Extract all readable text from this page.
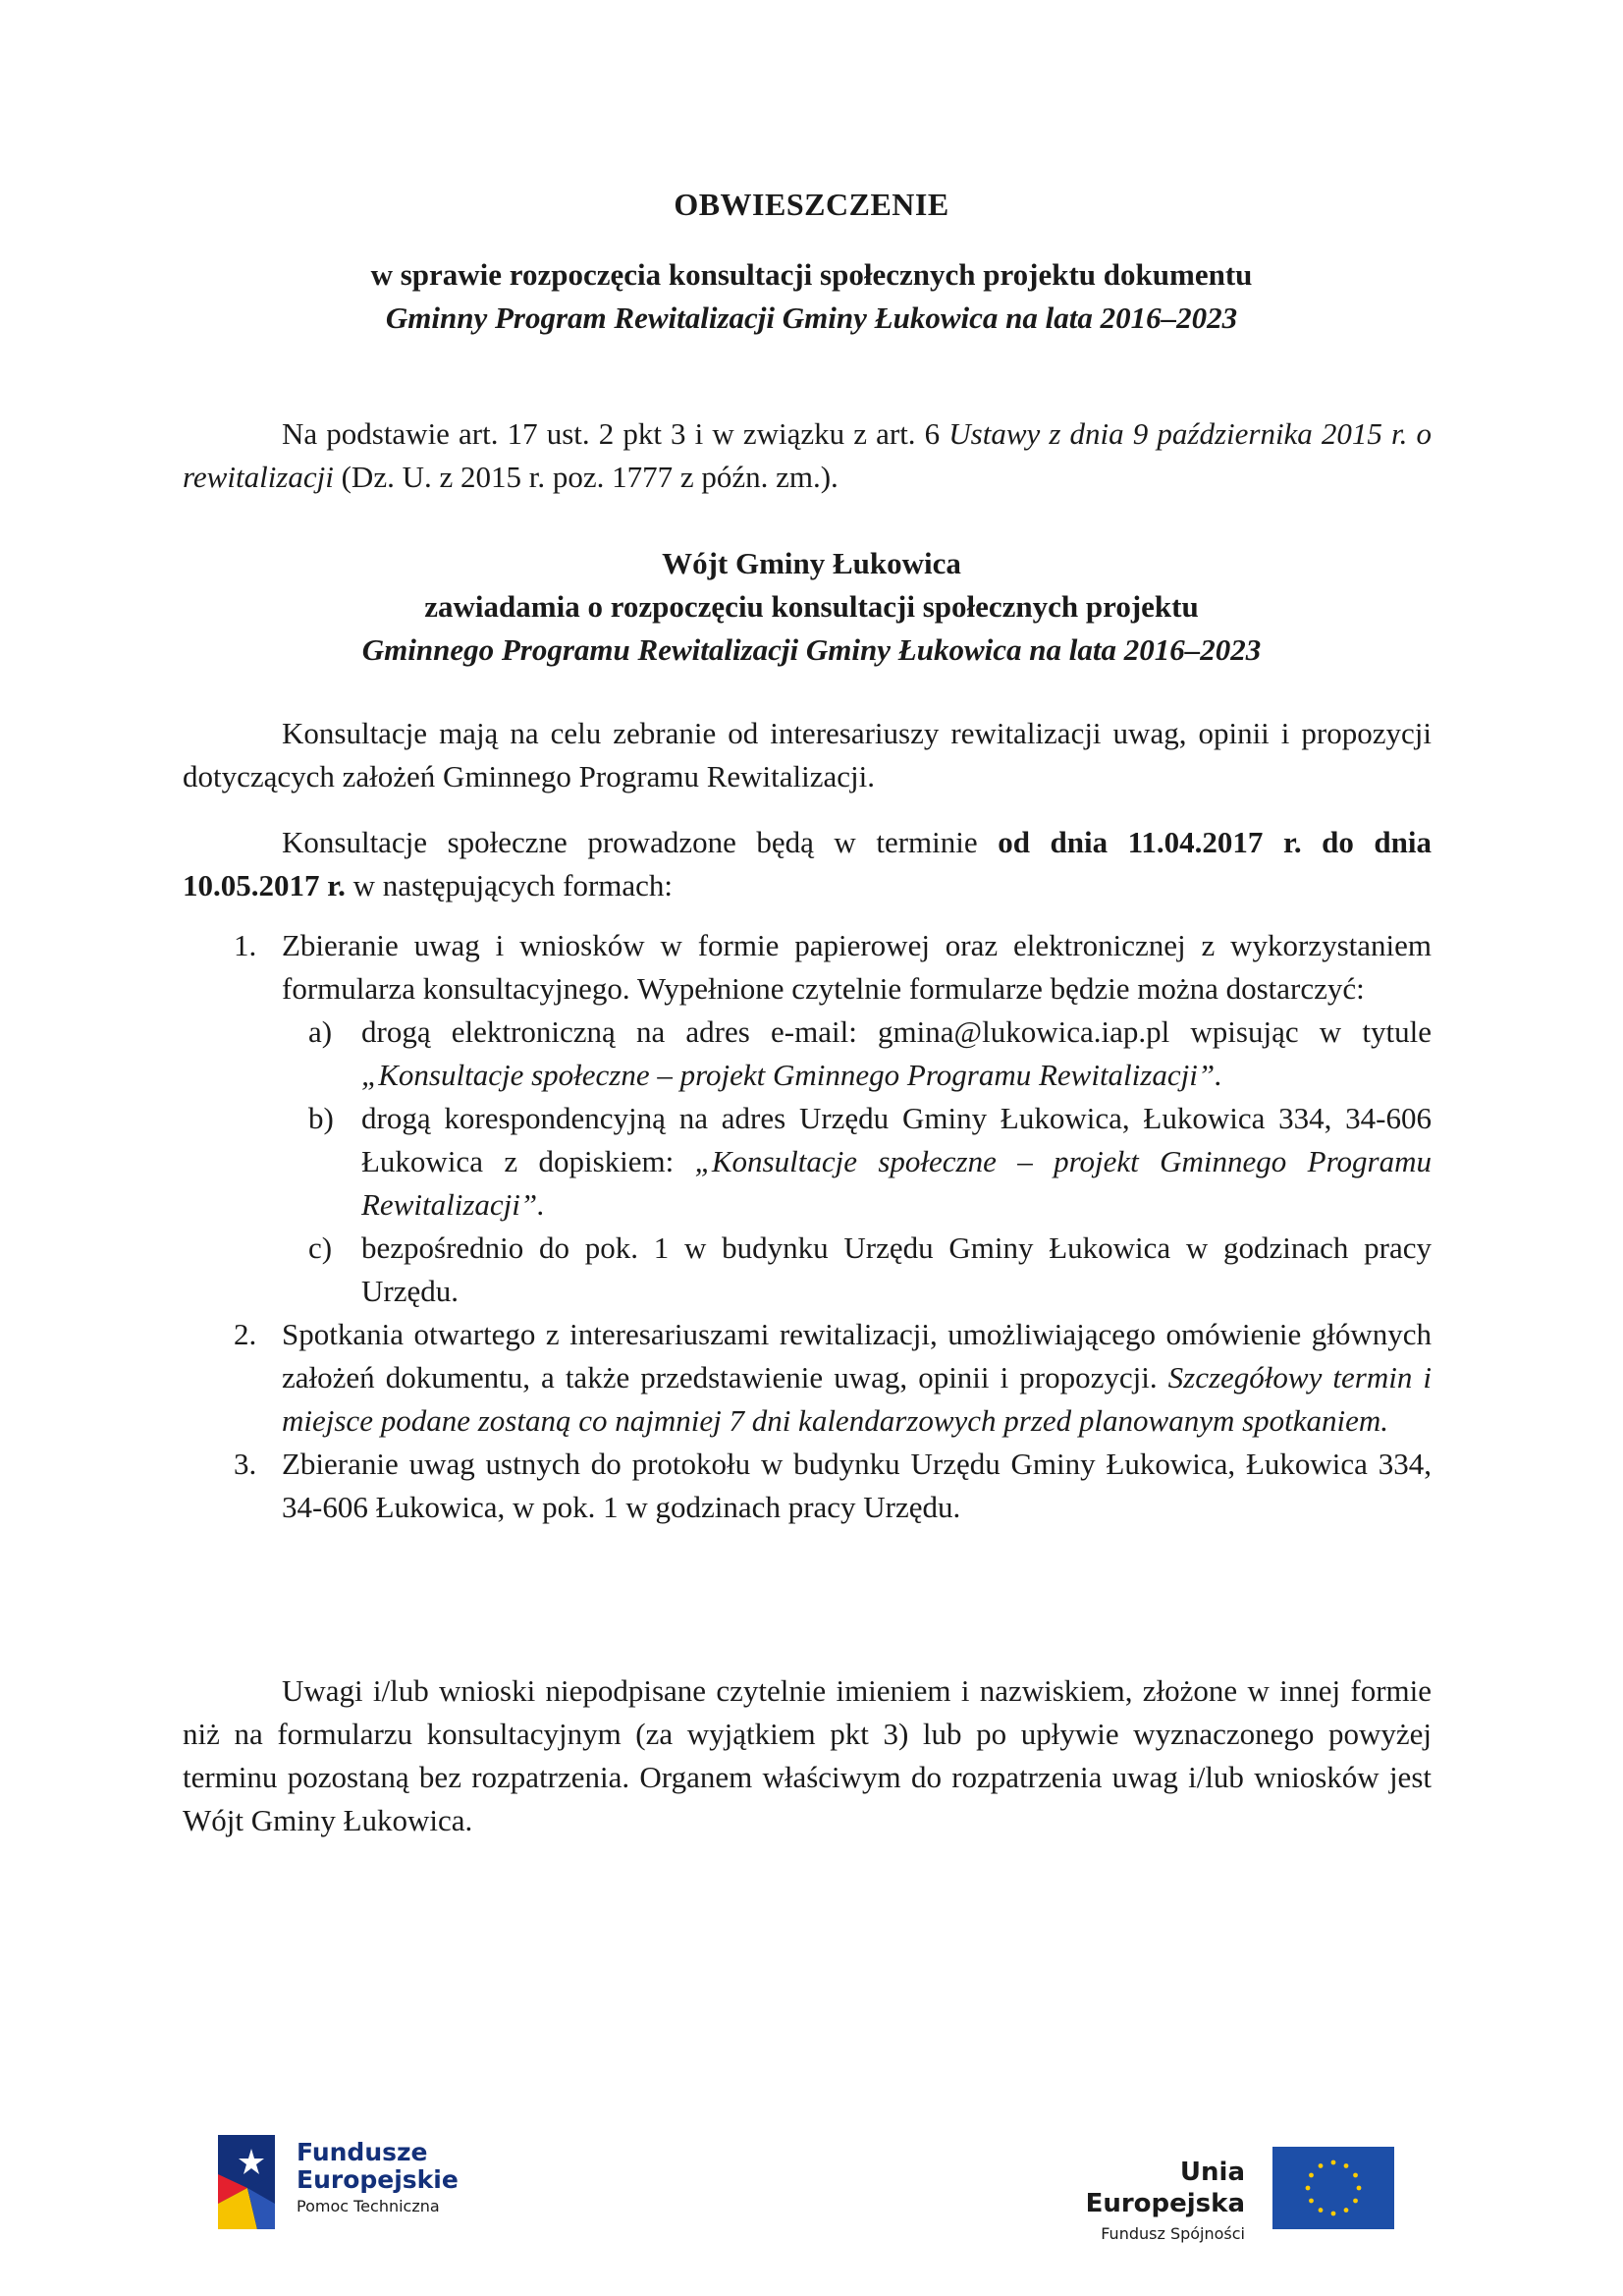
OBWIESZCZENIE
w sprawie rozpoczęcia konsultacji społecznych projektu dokumentu
Gminny Program Rewitalizacji Gminy Łukowica na lata 2016–2023
Na podstawie art. 17 ust. 2 pkt 3 i w związku z art. 6 Ustawy z dnia 9 października 2015 r. o rewitalizacji (Dz. U. z 2015 r. poz. 1777 z późn. zm.).
Wójt Gminy Łukowica
zawiadamia o rozpoczęciu konsultacji społecznych projektu
Gminnego Programu Rewitalizacji Gminy Łukowica na lata 2016–2023
Konsultacje mają na celu zebranie od interesariuszy rewitalizacji uwag, opinii i propozycji dotyczących założeń Gminnego Programu Rewitalizacji.
Konsultacje społeczne prowadzone będą w terminie od dnia 11.04.2017 r. do dnia 10.05.2017 r. w następujących formach:
1. Zbieranie uwag i wniosków w formie papierowej oraz elektronicznej z wykorzystaniem formularza konsultacyjnego. Wypełnione czytelnie formularze będzie można dostarczyć:
a) drogą elektroniczną na adres e-mail: gmina@lukowica.iap.pl wpisując w tytule „Konsultacje społeczne – projekt Gminnego Programu Rewitalizacji”.
b) drogą korespondencyjną na adres Urzędu Gminy Łukowica, Łukowica 334, 34-606 Łukowica z dopiskiem: „Konsultacje społeczne – projekt Gminnego Programu Rewitalizacji”.
c) bezpośrednio do pok. 1 w budynku Urzędu Gminy Łukowica w godzinach pracy Urzędu.
2. Spotkania otwartego z interesariuszami rewitalizacji, umożliwiającego omówienie głównych założeń dokumentu, a także przedstawienie uwag, opinii i propozycji. Szczegółowy termin i miejsce podane zostaną co najmniej 7 dni kalendarzowych przed planowanym spotkaniem.
3. Zbieranie uwag ustnych do protokołu w budynku Urzędu Gminy Łukowica, Łukowica 334, 34-606 Łukowica, w pok. 1 w godzinach pracy Urzędu.
Uwagi i/lub wnioski niepodpisane czytelnie imieniem i nazwiskiem, złożone w innej formie niż na formularzu konsultacyjnym (za wyjątkiem pkt 3) lub po upływie wyznaczonego powyżej terminu pozostaną bez rozpatrzenia. Organem właściwym do rozpatrzenia uwag i/lub wniosków jest Wójt Gminy Łukowica.
Fundusze
Europejskie
Pomoc Techniczna
Unia Europejska
Fundusz Spójności
